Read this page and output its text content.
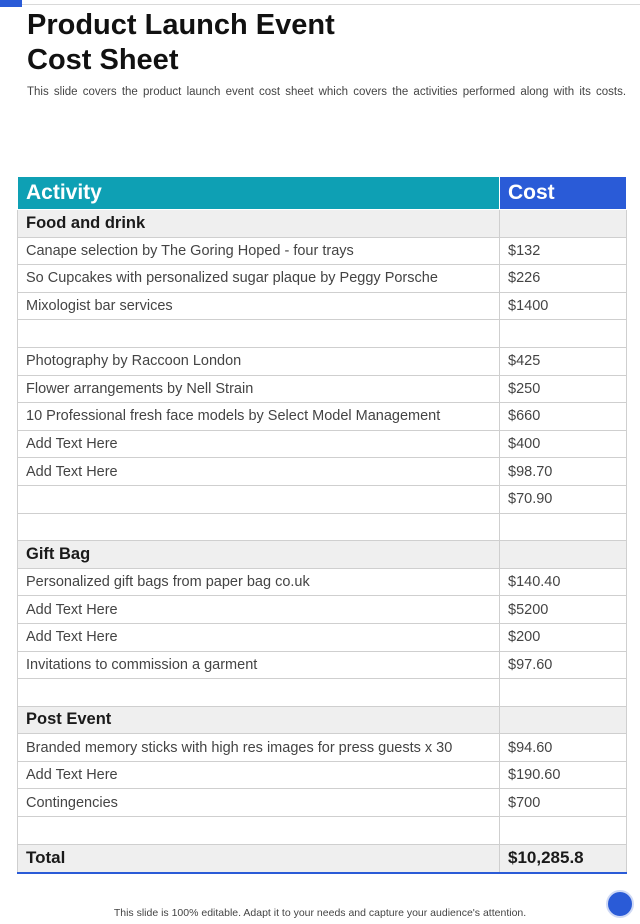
Product Launch Event
Cost Sheet

This slide covers the product launch event cost sheet which covers the activities performed along with its costs.

Activity	Cost
Food and drink	
Canape selection by The Goring Hoped - four trays	$132
So Cupcakes with personalized sugar plaque by Peggy Porsche	$226
Mixologist bar services	$1400

Photography by Raccoon London	$425
Flower arrangements by Nell Strain	$250
10 Professional fresh face models by Select Model Management	$660
Add Text Here	$400
Add Text Here	$98.70
	$70.90

Gift Bag	
Personalized gift bags from paper bag co.uk	$140.40
Add Text Here	$5200
Add Text Here	$200
Invitations to commission a garment	$97.60

Post Event	
Branded memory sticks with high res images for press guests x 30	$94.60
Add Text Here	$190.60
Contingencies	$700

Total	$10,285.8

This slide is 100% editable. Adapt it to your needs and capture your audience's attention.
